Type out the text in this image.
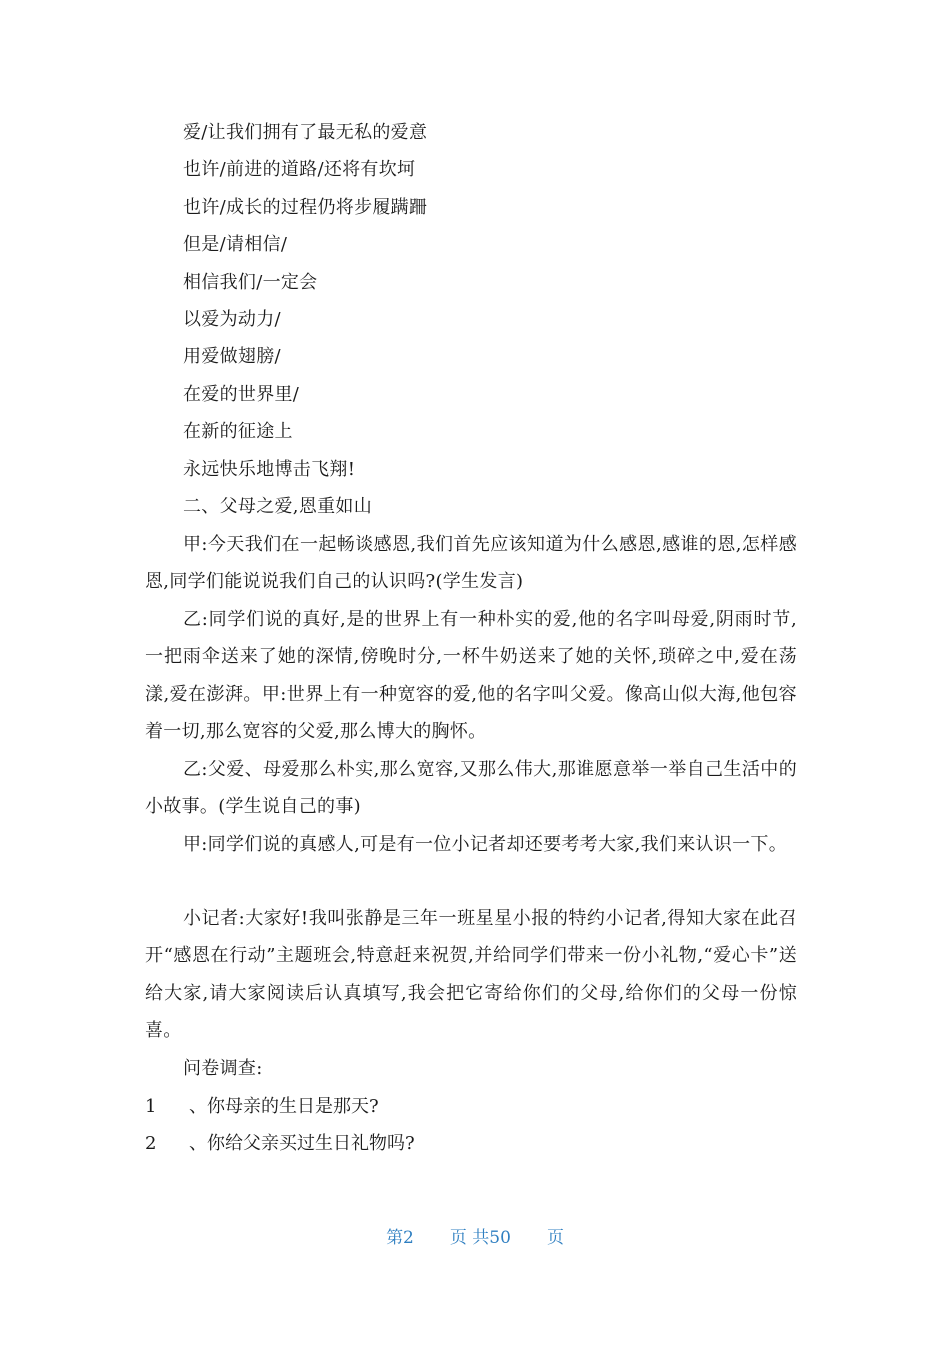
爱/让我们拥有了最无私的爱意
也许/前进的道路/还将有坎坷
也许/成长的过程仍将步履蹒跚
但是/请相信/
相信我们/一定会
以爱为动力/
用爱做翅膀/
在爱的世界里/
在新的征途上
永远快乐地博击飞翔!
二、父母之爱,恩重如山
甲:今天我们在一起畅谈感恩,我们首先应该知道为什么感恩,感谁的恩,怎样感恩,同学们能说说我们自己的认识吗?(学生发言)
乙:同学们说的真好,是的世界上有一种朴实的爱,他的名字叫母爱,阴雨时节,一把雨伞送来了她的深情,傍晚时分,一杯牛奶送来了她的关怀,琐碎之中,爱在荡漾,爱在澎湃。甲:世界上有一种宽容的爱,他的名字叫父爱。像高山似大海,他包容着一切,那么宽容的父爱,那么博大的胸怀。
乙:父爱、母爱那么朴实,那么宽容,又那么伟大,那谁愿意举一举自己生活中的小故事。(学生说自己的事)
甲:同学们说的真感人,可是有一位小记者却还要考考大家,我们来认识一下。
小记者:大家好!我叫张静是三年一班星星小报的特约小记者,得知大家在此召开“感恩在行动”主题班会,特意赶来祝贺,并给同学们带来一份小礼物,“爱心卡”送给大家,请大家阅读后认真填写,我会把它寄给你们的父母,给你们的父母一份惊喜。
问卷调查:
1 、你母亲的生日是那天?
2 、你给父亲买过生日礼物吗?
第2 页 共50 页
